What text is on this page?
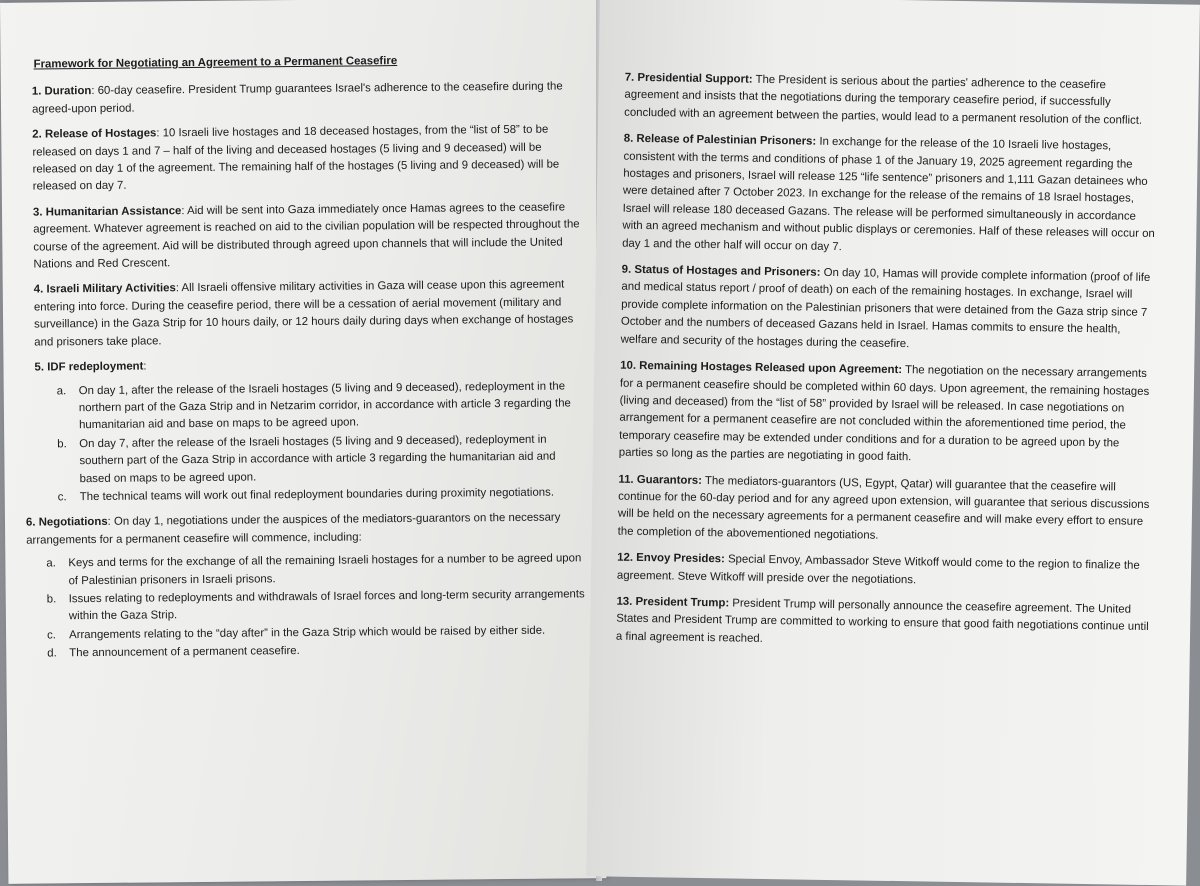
Framework for Negotiating an Agreement to a Permanent Ceasefire

1. Duration: 60-day ceasefire. President Trump guarantees Israel's adherence to the ceasefire during the agreed-upon period.

2. Release of Hostages: 10 Israeli live hostages and 18 deceased hostages, from the “list of 58” to be released on days 1 and 7 – half of the living and deceased hostages (5 living and 9 deceased) will be released on day 1 of the agreement. The remaining half of the hostages (5 living and 9 deceased) will be released on day 7.

3. Humanitarian Assistance: Aid will be sent into Gaza immediately once Hamas agrees to the ceasefire agreement. Whatever agreement is reached on aid to the civilian population will be respected throughout the course of the agreement. Aid will be distributed through agreed upon channels that will include the United Nations and Red Crescent.

4. Israeli Military Activities: All Israeli offensive military activities in Gaza will cease upon this agreement entering into force. During the ceasefire period, there will be a cessation of aerial movement (military and surveillance) in the Gaza Strip for 10 hours daily, or 12 hours daily during days when exchange of hostages and prisoners take place.

5. IDF redeployment:

a. On day 1, after the release of the Israeli hostages (5 living and 9 deceased), redeployment in the northern part of the Gaza Strip and in Netzarim corridor, in accordance with article 3 regarding the humanitarian aid and base on maps to be agreed upon.
b. On day 7, after the release of the Israeli hostages (5 living and 9 deceased), redeployment in southern part of the Gaza Strip in accordance with article 3 regarding the humanitarian aid and based on maps to be agreed upon.
c. The technical teams will work out final redeployment boundaries during proximity negotiations.

6. Negotiations: On day 1, negotiations under the auspices of the mediators-guarantors on the necessary arrangements for a permanent ceasefire will commence, including:

a. Keys and terms for the exchange of all the remaining Israeli hostages for a number to be agreed upon of Palestinian prisoners in Israeli prisons.
b. Issues relating to redeployments and withdrawals of Israel forces and long-term security arrangements within the Gaza Strip.
c. Arrangements relating to the “day after” in the Gaza Strip which would be raised by either side.
d. The announcement of a permanent ceasefire.

7. Presidential Support: The President is serious about the parties' adherence to the ceasefire agreement and insists that the negotiations during the temporary ceasefire period, if successfully concluded with an agreement between the parties, would lead to a permanent resolution of the conflict.

8. Release of Palestinian Prisoners: In exchange for the release of the 10 Israeli live hostages, consistent with the terms and conditions of phase 1 of the January 19, 2025 agreement regarding the hostages and prisoners, Israel will release 125 “life sentence” prisoners and 1,111 Gazan detainees who were detained after 7 October 2023. In exchange for the release of the remains of 18 Israel hostages, Israel will release 180 deceased Gazans. The release will be performed simultaneously in accordance with an agreed mechanism and without public displays or ceremonies. Half of these releases will occur on day 1 and the other half will occur on day 7.

9. Status of Hostages and Prisoners: On day 10, Hamas will provide complete information (proof of life and medical status report / proof of death) on each of the remaining hostages. In exchange, Israel will provide complete information on the Palestinian prisoners that were detained from the Gaza strip since 7 October and the numbers of deceased Gazans held in Israel. Hamas commits to ensure the health, welfare and security of the hostages during the ceasefire.

10. Remaining Hostages Released upon Agreement: The negotiation on the necessary arrangements for a permanent ceasefire should be completed within 60 days. Upon agreement, the remaining hostages (living and deceased) from the “list of 58” provided by Israel will be released. In case negotiations on arrangement for a permanent ceasefire are not concluded within the aforementioned time period, the temporary ceasefire may be extended under conditions and for a duration to be agreed upon by the parties so long as the parties are negotiating in good faith.

11. Guarantors: The mediators-guarantors (US, Egypt, Qatar) will guarantee that the ceasefire will continue for the 60-day period and for any agreed upon extension, will guarantee that serious discussions will be held on the necessary agreements for a permanent ceasefire and will make every effort to ensure the completion of the abovementioned negotiations.

12. Envoy Presides: Special Envoy, Ambassador Steve Witkoff would come to the region to finalize the agreement. Steve Witkoff will preside over the negotiations.

13. President Trump: President Trump will personally announce the ceasefire agreement. The United States and President Trump are committed to working to ensure that good faith negotiations continue until a final agreement is reached.
